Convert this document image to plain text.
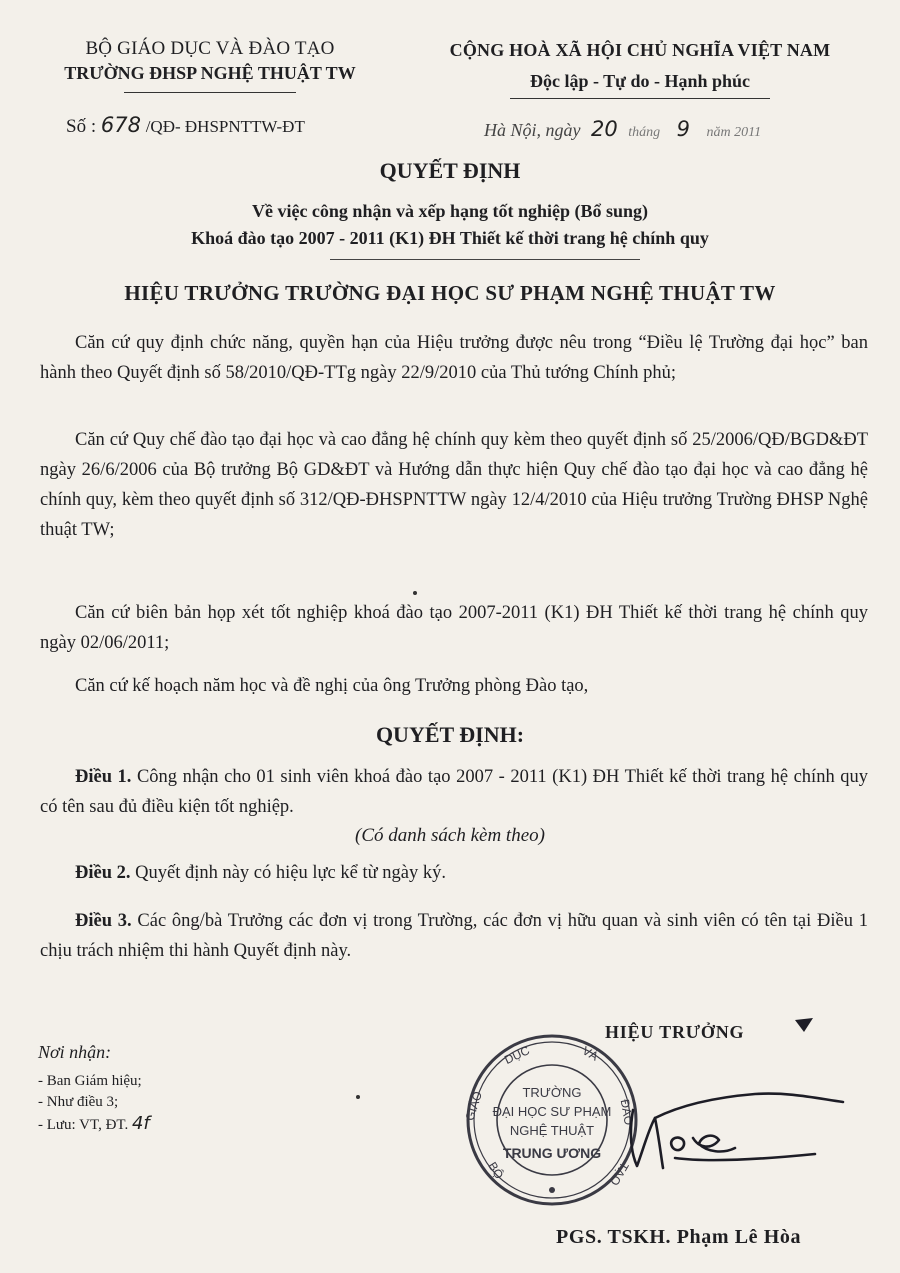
BỘ GIÁO DỤC VÀ ĐÀO TẠO
TRƯỜNG ĐHSP NGHỆ THUẬT TW
CỘNG HOÀ XÃ HỘI CHỦ NGHĨA VIỆT NAM
Độc lập - Tự do - Hạnh phúc
Số : 678 /QĐ- ĐHSPNTTW-ĐT	Hà Nội, ngày 20 tháng 9 năm 2011
QUYẾT ĐỊNH
Về việc công nhận và xếp hạng tốt nghiệp (Bổ sung)
Khoá đào tạo 2007 - 2011 (K1) ĐH Thiết kế thời trang hệ chính quy
HIỆU TRƯỞNG TRƯỜNG ĐẠI HỌC SƯ PHẠM NGHỆ THUẬT TW
Căn cứ quy định chức năng, quyền hạn của Hiệu trưởng được nêu trong “Điều lệ Trường đại học” ban hành theo Quyết định số 58/2010/QĐ-TTg ngày 22/9/2010 của Thủ tướng Chính phủ;
Căn cứ Quy chế đào tạo đại học và cao đẳng hệ chính quy kèm theo quyết định số 25/2006/QĐ/BGD&ĐT ngày 26/6/2006 của Bộ trưởng Bộ GD&ĐT và Hướng dẫn thực hiện Quy chế đào tạo đại học và cao đẳng hệ chính quy, kèm theo quyết định số 312/QĐ-ĐHSPNTTW ngày 12/4/2010 của Hiệu trưởng Trường ĐHSP Nghệ thuật TW;
Căn cứ biên bản họp xét tốt nghiệp khoá đào tạo 2007-2011 (K1) ĐH Thiết kế thời trang hệ chính quy ngày 02/06/2011;
Căn cứ kế hoạch năm học và đề nghị của ông Trưởng phòng Đào tạo,
QUYẾT ĐỊNH:
Điều 1. Công nhận cho 01 sinh viên khoá đào tạo 2007 - 2011 (K1) ĐH Thiết kế thời trang hệ chính quy có tên sau đủ điều kiện tốt nghiệp.
(Có danh sách kèm theo)
Điều 2. Quyết định này có hiệu lực kể từ ngày ký.
Điều 3. Các ông/bà Trưởng các đơn vị trong Trường, các đơn vị hữu quan và sinh viên có tên tại Điều 1 chịu trách nhiệm thi hành Quyết định này.
Nơi nhận:
- Ban Giám hiệu;
- Như điều 3;
- Lưu: VT, ĐT. 4f
HIỆU TRƯỞNG
GIÁO
DỤC	VÀ
ĐÀO
TẠO
BỘ
TRƯỜNG
ĐẠI HỌC SƯ PHẠM
NGHỆ THUẬT
TRUNG ƯƠNG
PGS. TSKH. Phạm Lê Hòa
